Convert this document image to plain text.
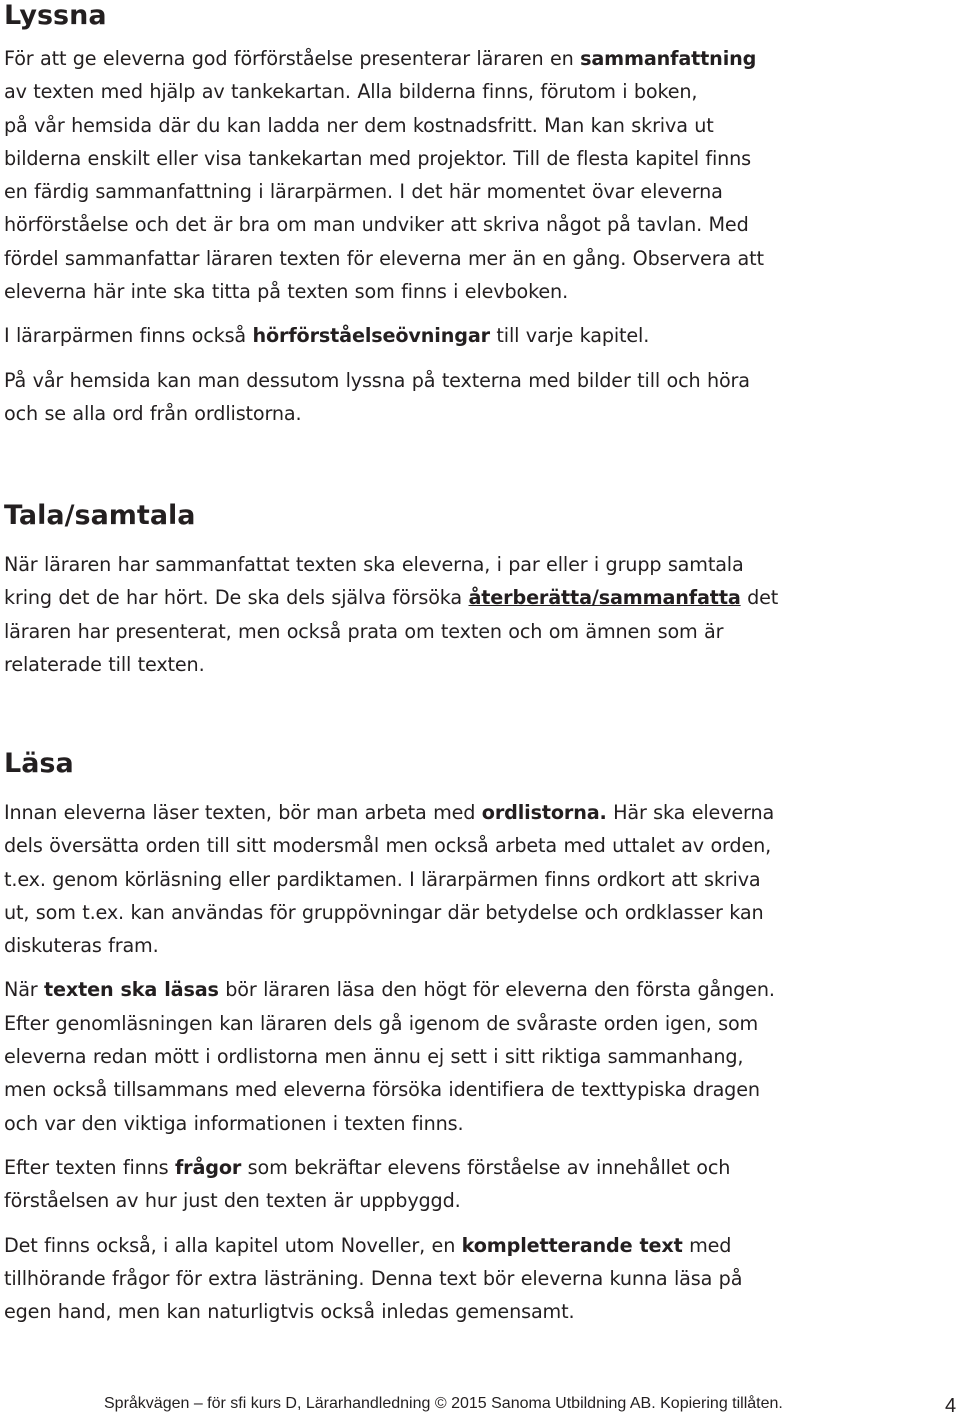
Lyssna

För att ge eleverna god förförståelse presenterar läraren en sammanfattning
av texten med hjälp av tankekartan. Alla bilderna finns, förutom i boken,
på vår hemsida där du kan ladda ner dem kostnadsfritt. Man kan skriva ut
bilderna enskilt eller visa tankekartan med projektor. Till de flesta kapitel finns
en färdig sammanfattning i lärarpärmen. I det här momentet övar eleverna
hörförståelse och det är bra om man undviker att skriva något på tavlan. Med
fördel sammanfattar läraren texten för eleverna mer än en gång. Observera att
eleverna här inte ska titta på texten som finns i elevboken.

I lärarpärmen finns också hörförståelseövningar till varje kapitel.

På vår hemsida kan man dessutom lyssna på texterna med bilder till och höra
och se alla ord från ordlistorna.

Tala/samtala

När läraren har sammanfattat texten ska eleverna, i par eller i grupp samtala
kring det de har hört. De ska dels själva försöka återberätta/sammanfatta det
läraren har presenterat, men också prata om texten och om ämnen som är
relaterade till texten.

Läsa

Innan eleverna läser texten, bör man arbeta med ordlistorna. Här ska eleverna
dels översätta orden till sitt modersmål men också arbeta med uttalet av orden,
t.ex. genom körläsning eller pardiktamen. I lärarpärmen finns ordkort att skriva
ut, som t.ex. kan användas för gruppövningar där betydelse och ordklasser kan
diskuteras fram.

När texten ska läsas bör läraren läsa den högt för eleverna den första gången.
Efter genomläsningen kan läraren dels gå igenom de svåraste orden igen, som
eleverna redan mött i ordlistorna men ännu ej sett i sitt riktiga sammanhang,
men också tillsammans med eleverna försöka identifiera de texttypiska dragen
och var den viktiga informationen i texten finns.

Efter texten finns frågor som bekräftar elevens förståelse av innehållet och
förståelsen av hur just den texten är uppbyggd.

Det finns också, i alla kapitel utom Noveller, en kompletterande text med
tillhörande frågor för extra lästräning. Denna text bör eleverna kunna läsa på
egen hand, men kan naturligtvis också inledas gemensamt.

Språkvägen – för sfi kurs D, Lärarhandledning © 2015 Sanoma Utbildning AB. Kopiering tillåten.	4
